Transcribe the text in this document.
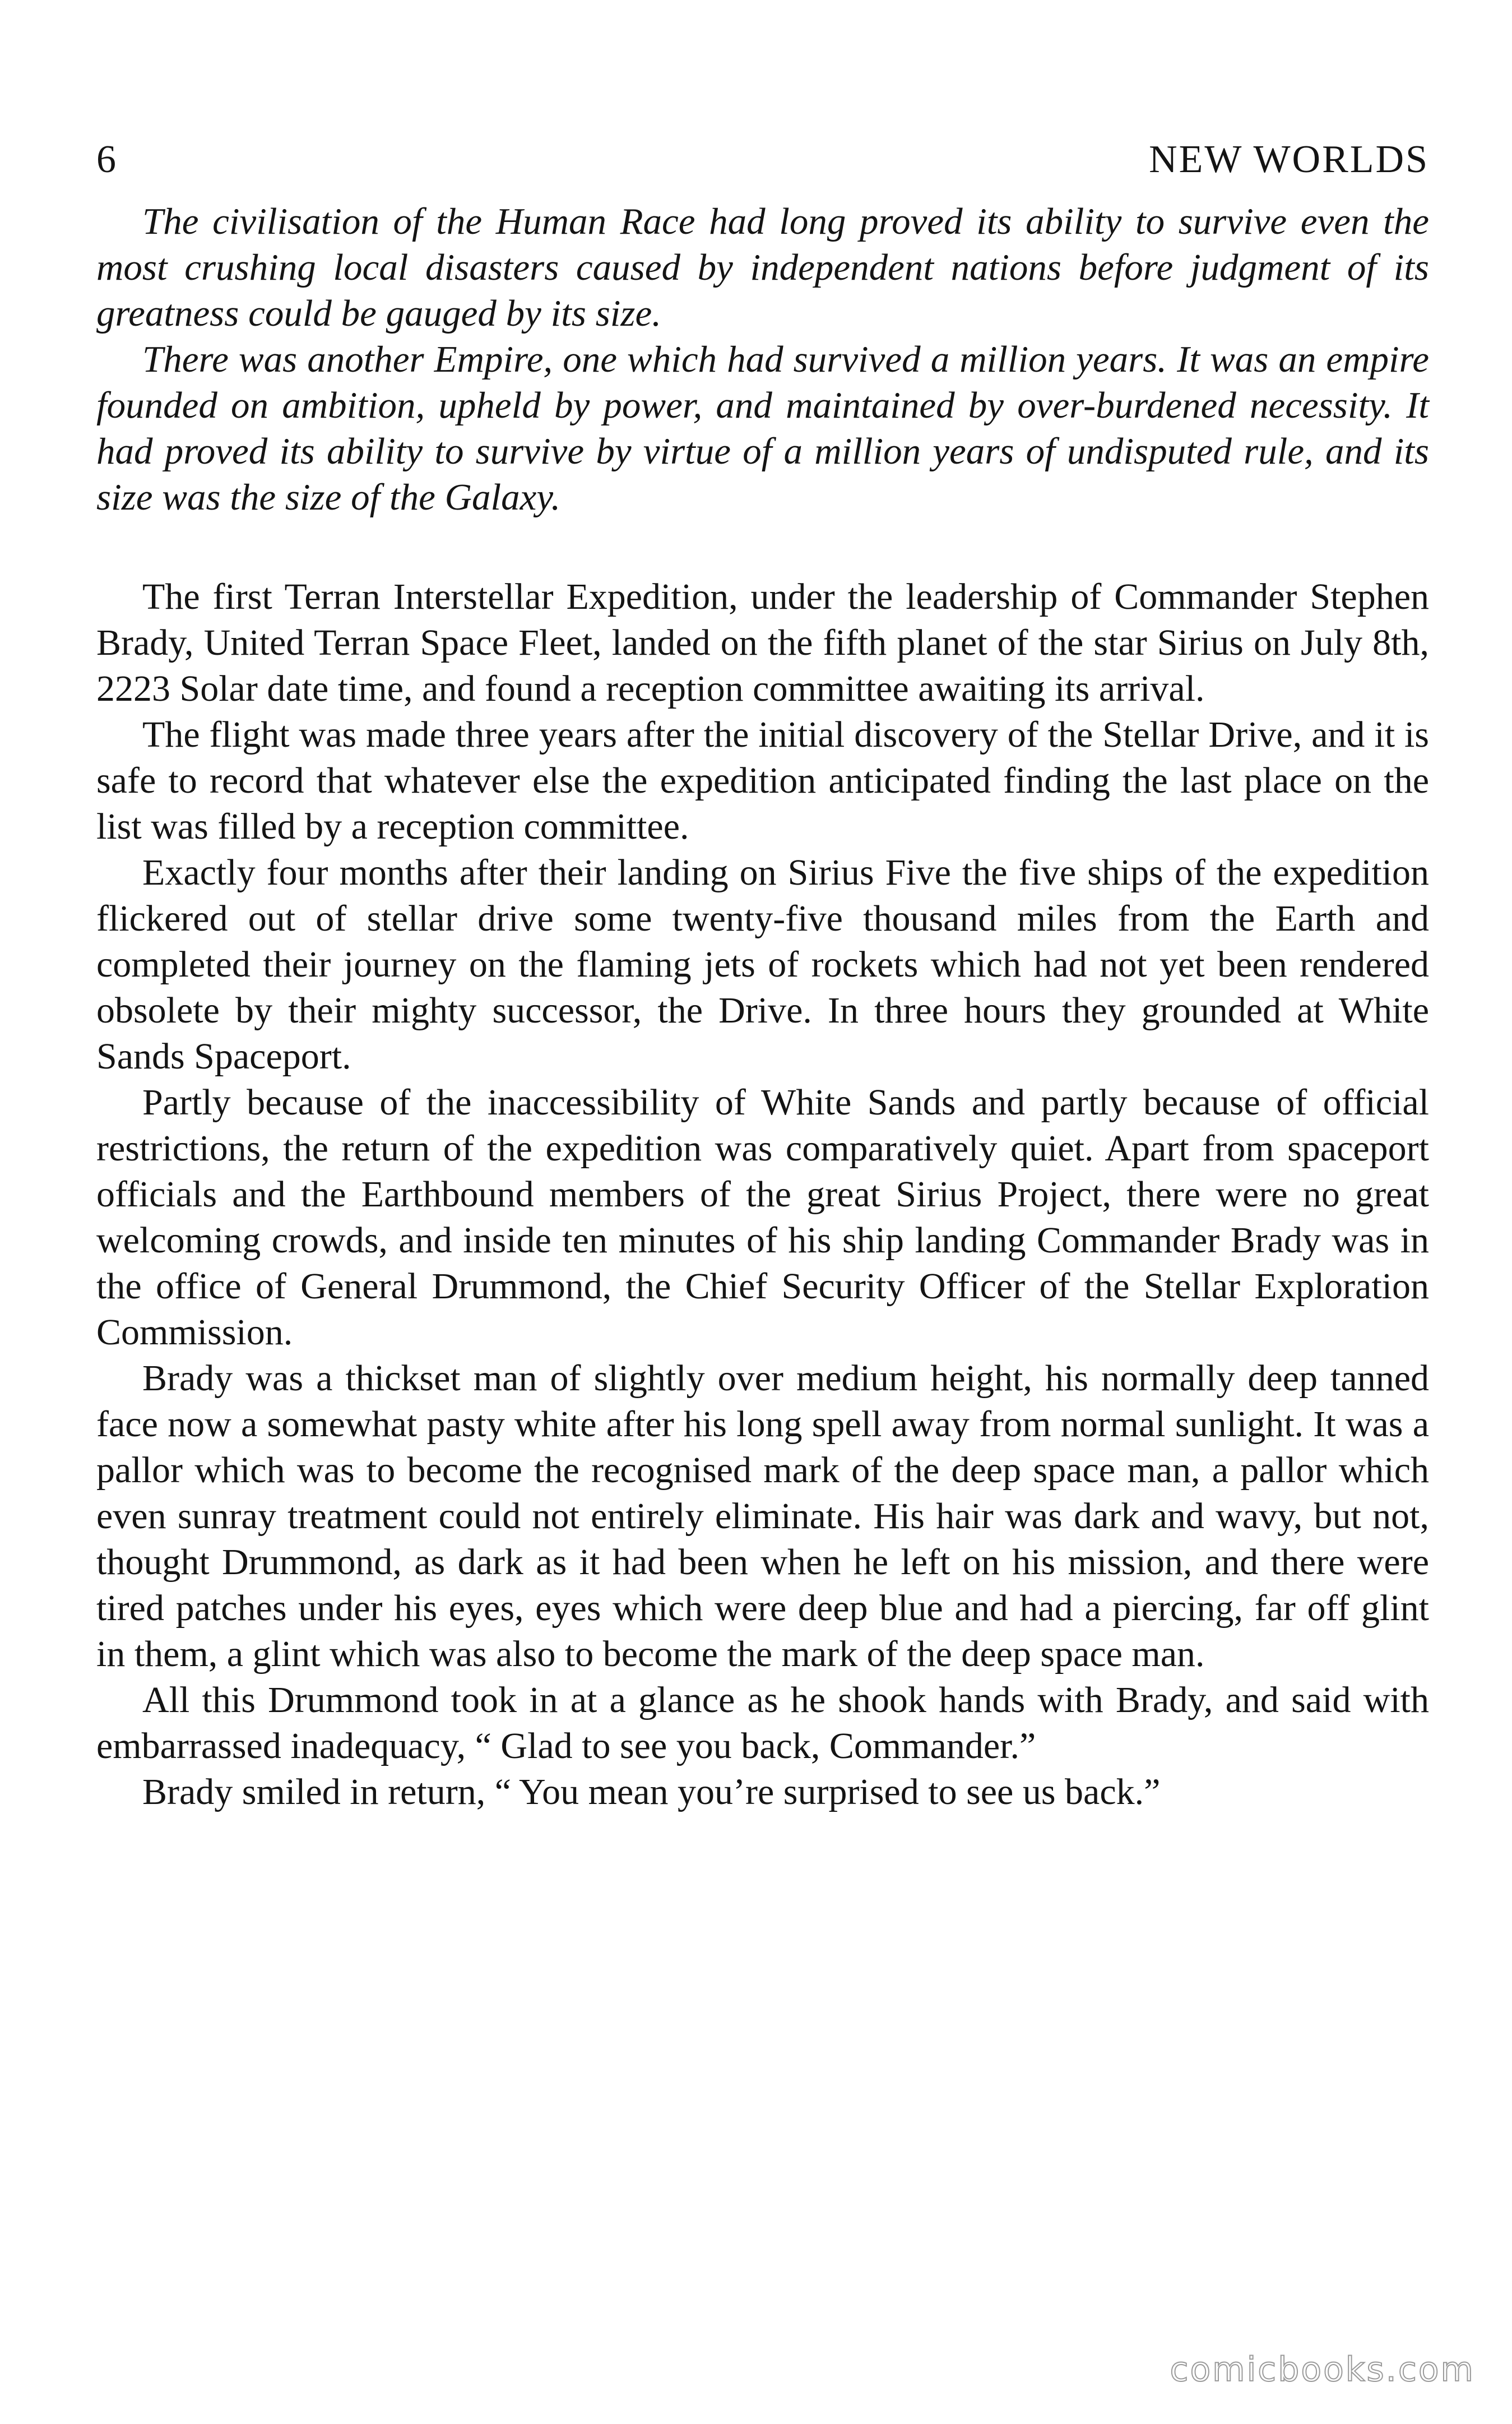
6	NEW WORLDS

The civilisation of the Human Race had long proved its ability to survive even the most crushing local disasters caused by independent nations before judgment of its greatness could be gauged by its size.

There was another Empire, one which had survived a million years. It was an empire founded on ambition, upheld by power, and maintained by over-burdened necessity. It had proved its ability to survive by virtue of a million years of undisputed rule, and its size was the size of the Galaxy.

The first Terran Interstellar Expedition, under the leadership of Commander Stephen Brady, United Terran Space Fleet, landed on the fifth planet of the star Sirius on July 8th, 2223 Solar date time, and found a reception committee awaiting its arrival.

The flight was made three years after the initial discovery of the Stellar Drive, and it is safe to record that whatever else the expedition anticipated finding the last place on the list was filled by a reception committee.

Exactly four months after their landing on Sirius Five the five ships of the expedition flickered out of stellar drive some twenty-five thousand miles from the Earth and completed their journey on the flaming jets of rockets which had not yet been rendered obsolete by their mighty successor, the Drive. In three hours they grounded at White Sands Spaceport.

Partly because of the inaccessibility of White Sands and partly because of official restrictions, the return of the expedition was comparatively quiet. Apart from spaceport officials and the Earthbound members of the great Sirius Project, there were no great welcoming crowds, and inside ten minutes of his ship landing Commander Brady was in the office of General Drummond, the Chief Security Officer of the Stellar Exploration Commission.

Brady was a thickset man of slightly over medium height, his normally deep tanned face now a somewhat pasty white after his long spell away from normal sunlight. It was a pallor which was to become the recognised mark of the deep space man, a pallor which even sunray treatment could not entirely eliminate. His hair was dark and wavy, but not, thought Drummond, as dark as it had been when he left on his mission, and there were tired patches under his eyes, eyes which were deep blue and had a piercing, far off glint in them, a glint which was also to become the mark of the deep space man.

All this Drummond took in at a glance as he shook hands with Brady, and said with embarrassed inadequacy, “ Glad to see you back, Commander.”

Brady smiled in return, “ You mean you’re surprised to see us back.”

comicbooks.com
